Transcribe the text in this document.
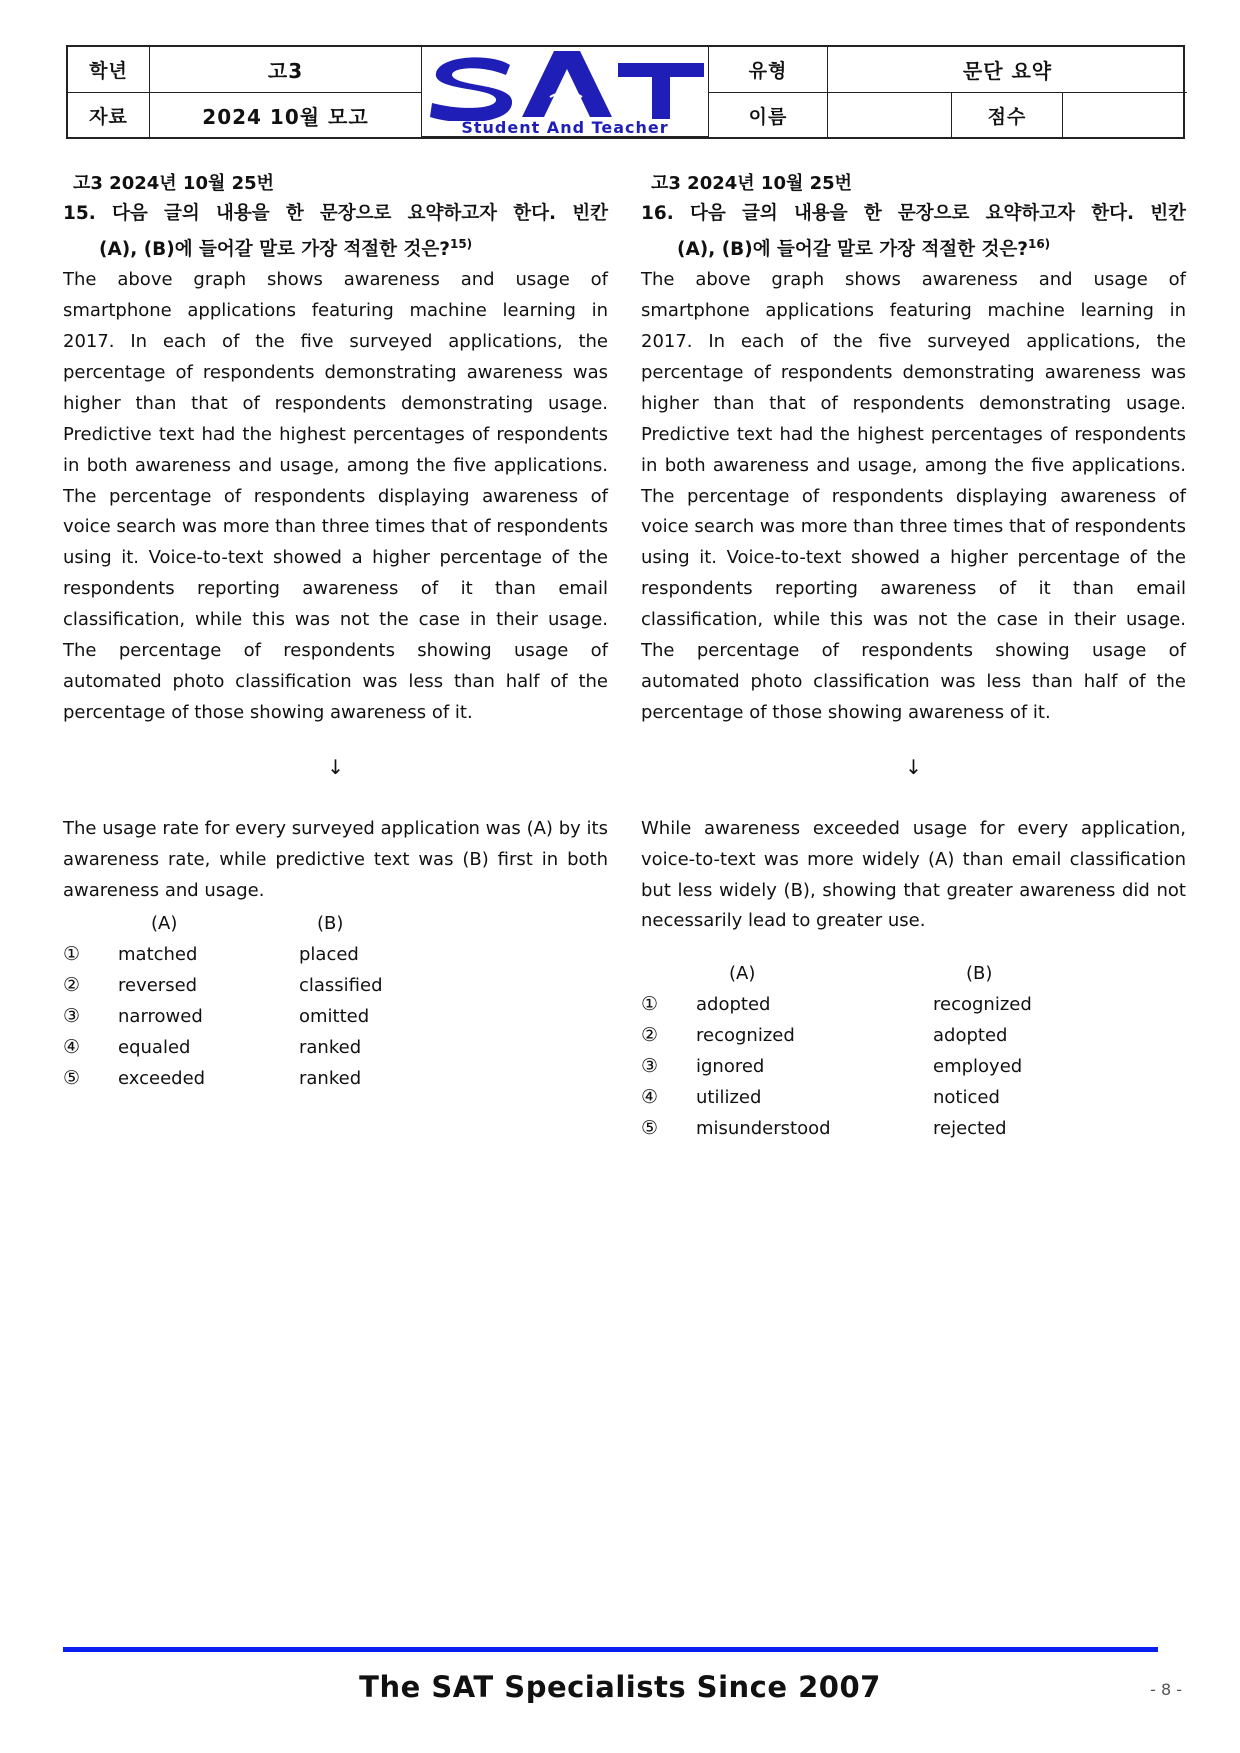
학년	고3
Student And Teacher
유형	문단 요약
자료	2024 10월 모고	이름	점수
고3 2024년 10월 25번

15. 다음 글의 내용을 한 문장으로 요약하고자 한다. 빈칸

(A), (B)에 들어갈 말로 가장 적절한 것은?$^{15)}$

The above graph shows awareness and usage of smartphone applications featuring machine learning in 2017. In each of the five surveyed applications, the percentage of respondents demonstrating awareness was higher than that of respondents demonstrating usage. Predictive text had the highest percentages of respondents in both awareness and usage, among the five applications. The percentage of respondents displaying awareness of voice search was more than three times that of respondents using it. Voice-to-text showed a higher percentage of the respondents reporting awareness of it than email classification, while this was not the case in their usage. The percentage of respondents showing usage of automated photo classification was less than half of the percentage of those showing awareness of it.

↓

The usage rate for every surveyed application was (A) by its awareness rate, while predictive text was (B) first in both awareness and usage.

(A)	(B)
① matched	placed
② reversed	classified
③ narrowed	omitted
④ equaled	ranked
⑤ exceeded	ranked
고3 2024년 10월 25번

16. 다음 글의 내용을 한 문장으로 요약하고자 한다. 빈칸

(A), (B)에 들어갈 말로 가장 적절한 것은?$^{16)}$

The above graph shows awareness and usage of smartphone applications featuring machine learning in 2017. In each of the five surveyed applications, the percentage of respondents demonstrating awareness was higher than that of respondents demonstrating usage. Predictive text had the highest percentages of respondents in both awareness and usage, among the five applications. The percentage of respondents displaying awareness of voice search was more than three times that of respondents using it. Voice-to-text showed a higher percentage of the respondents reporting awareness of it than email classification, while this was not the case in their usage. The percentage of respondents showing usage of automated photo classification was less than half of the percentage of those showing awareness of it.

↓

While awareness exceeded usage for every application, voice-to-text was more widely (A) than email classification but less widely (B), showing that greater awareness did not necessarily lead to greater use.

(A)	(B)
① adopted	recognized
② recognized	adopted
③ ignored	employed
④ utilized	noticed
⑤ misunderstood	rejected
The SAT Specialists Since 2007	- 8 -
